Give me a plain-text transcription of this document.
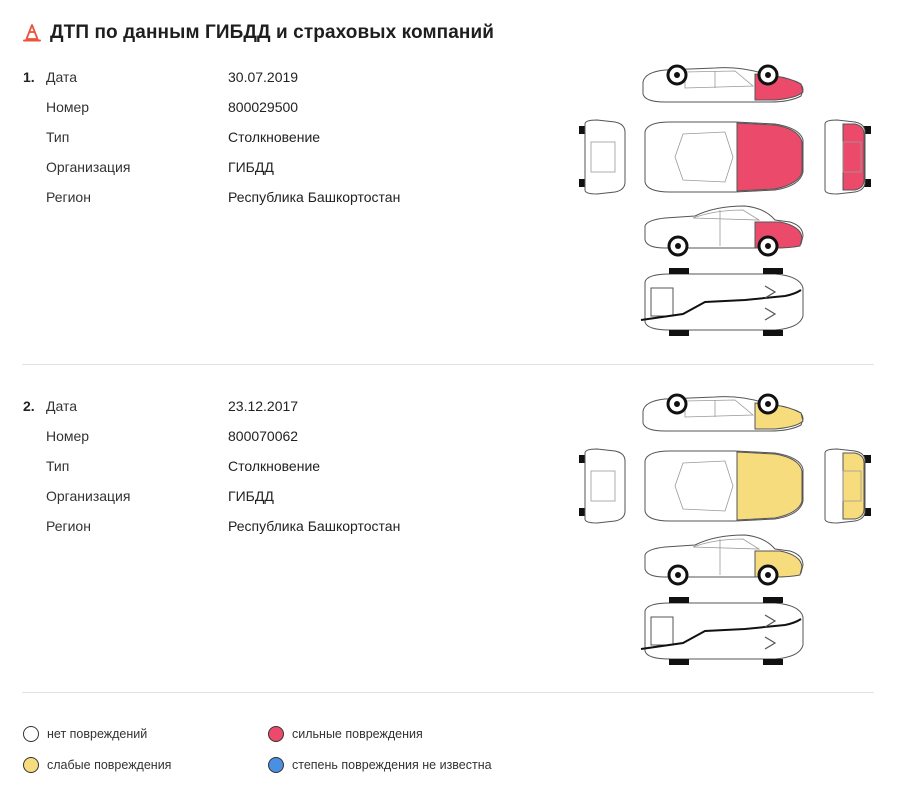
ДТП по данным ГИБДД и страховых компаний
1. Дата	30.07.2019
Номер	800029500
Тип	Столкновение
Организация	ГИБДД
Регион	Республика Башкортостан
2. Дата	23.12.2017
Номер	800070062
Тип	Столкновение
Организация	ГИБДД
Регион	Республика Башкортостан
нет повреждений	сильные повреждения
слабые повреждения	степень повреждения не известна
